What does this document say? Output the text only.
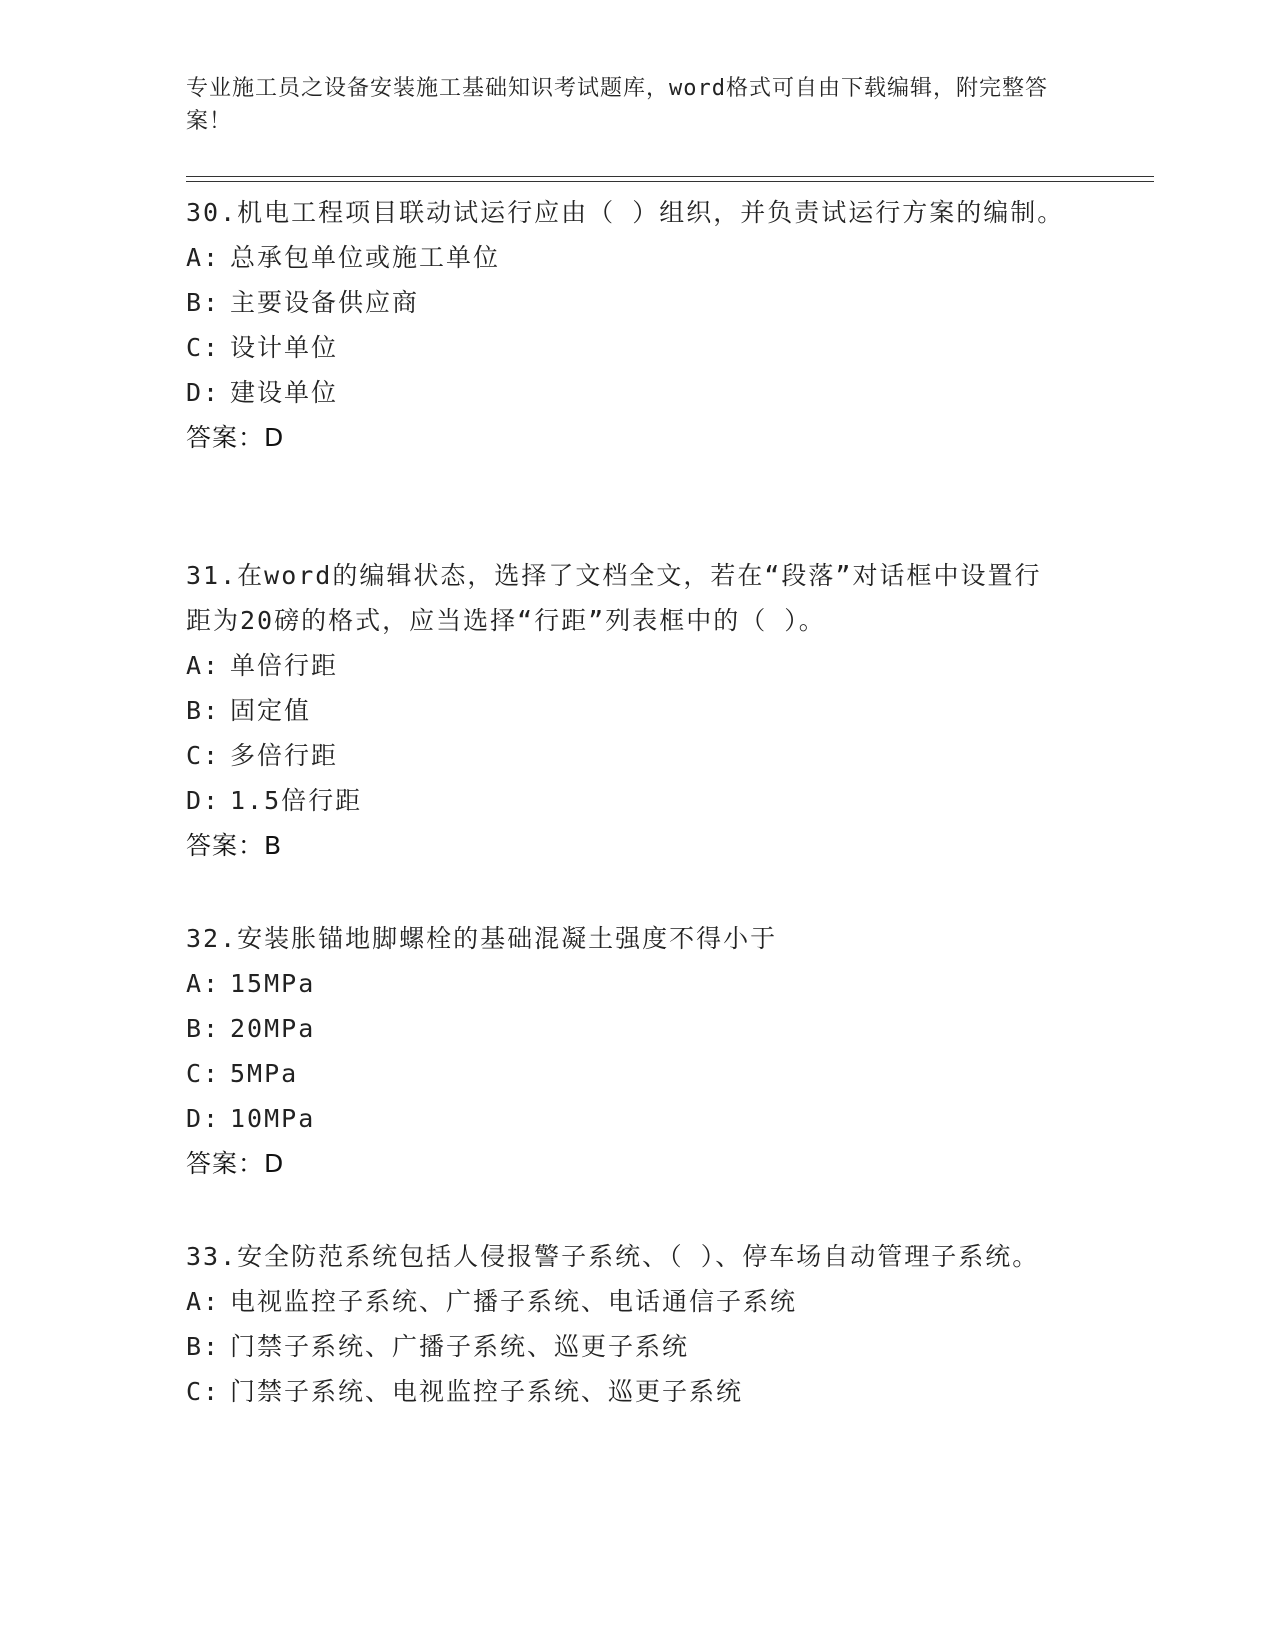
专业施工员之设备安装施工基础知识考试题库，word格式可自由下载编辑，附完整答案！

30.机电工程项目联动试运行应由（ ）组织，并负责试运行方案的编制。

A: 总承包单位或施工单位
B: 主要设备供应商
C: 设计单位
D: 建设单位
答案：D

31.在word的编辑状态，选择了文档全文，若在“段落”对话框中设置行距为20磅的格式，应当选择“行距”列表框中的（ ）。

A: 单倍行距
B: 固定值
C: 多倍行距
D: 1.5倍行距
答案：B

32.安装胀锚地脚螺栓的基础混凝土强度不得小于

A: 15MPa
B: 20MPa
C: 5MPa
D: 10MPa
答案：D

33.安全防范系统包括人侵报警子系统、（ ）、停车场自动管理子系统。

A: 电视监控子系统、广播子系统、电话通信子系统
B: 门禁子系统、广播子系统、巡更子系统
C: 门禁子系统、电视监控子系统、巡更子系统
